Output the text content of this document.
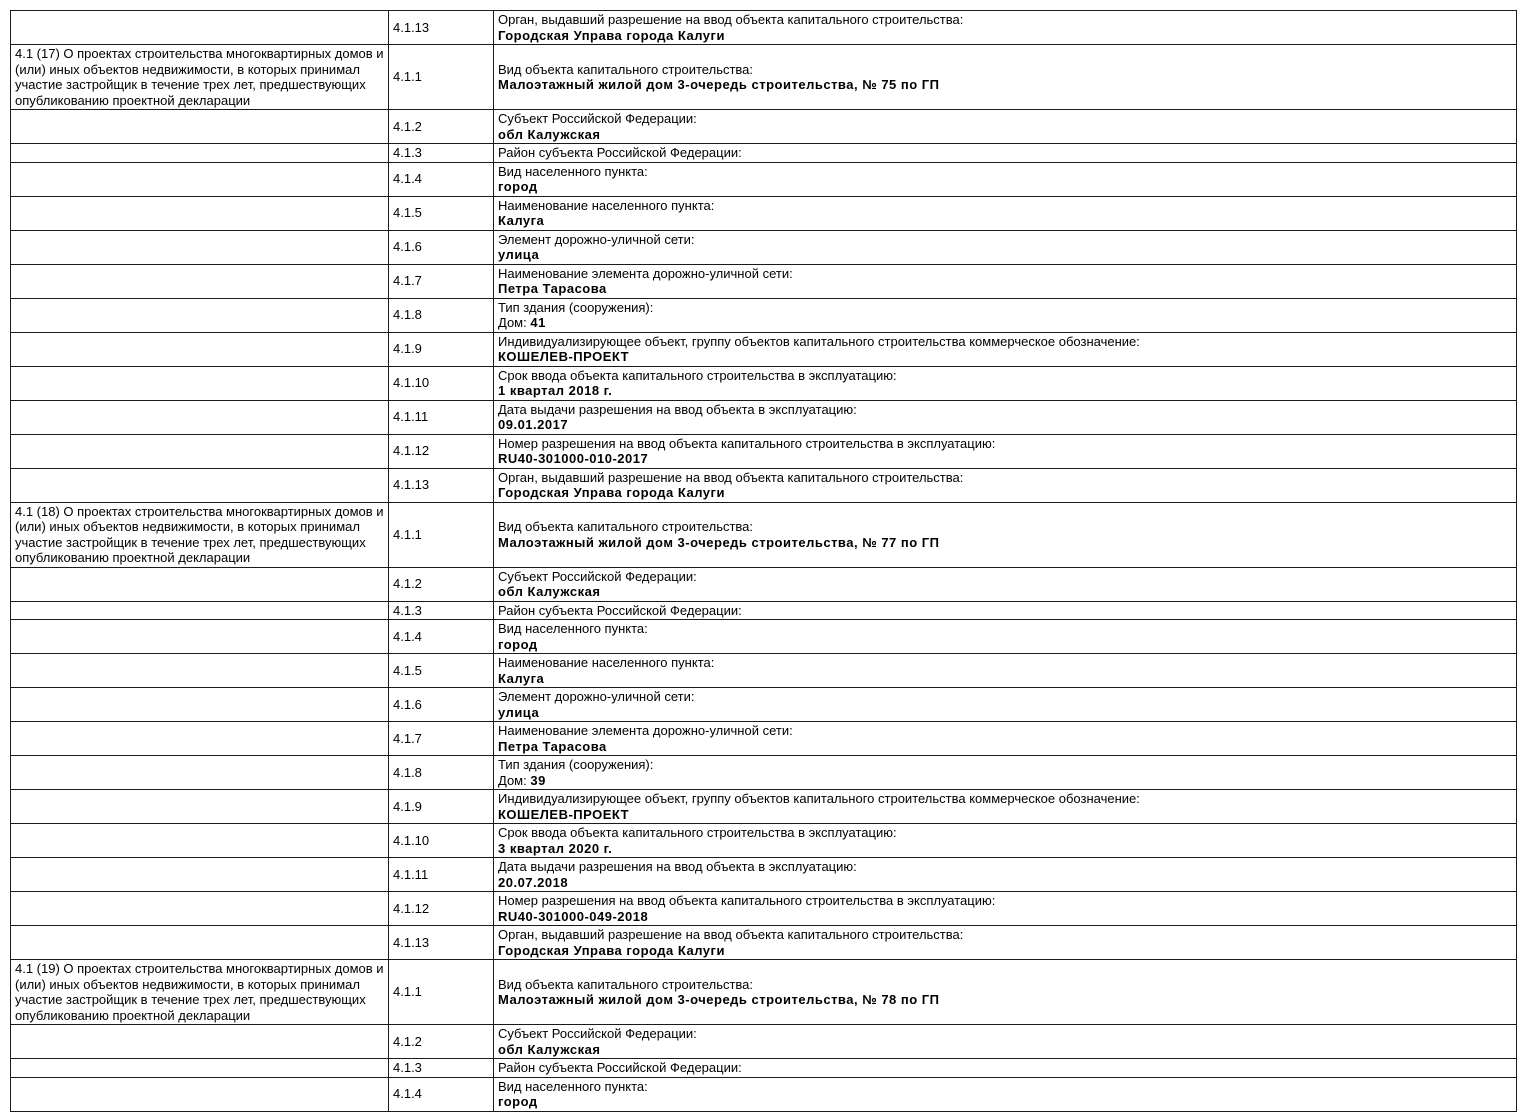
	4.1.13	Орган, выдавший разрешение на ввод объекта капитального строительства:
Городская Управа города Калуги

4.1 (17) О проектах строительства многоквартирных домов и (или) иных объектов недвижимости, в которых принимал участие застройщик в течение трех лет, предшествующих опубликованию проектной декларации	4.1.1	Вид объекта капитального строительства:
Малоэтажный жилой дом 3-очередь строительства, № 75 по ГП

	4.1.2	Субъект Российской Федерации:
обл Калужская

	4.1.3	Район субъекта Российской Федерации:

	4.1.4	Вид населенного пункта:
город

	4.1.5	Наименование населенного пункта:
Калуга

	4.1.6	Элемент дорожно-уличной сети:
улица

	4.1.7	Наименование элемента дорожно-уличной сети:
Петра Тарасова

	4.1.8	Тип здания (сооружения):
Дом: 41

	4.1.9	Индивидуализирующее объект, группу объектов капитального строительства коммерческое обозначение:
КОШЕЛЕВ-ПРОЕКТ

	4.1.10	Срок ввода объекта капитального строительства в эксплуатацию:
1 квартал 2018 г.

	4.1.11	Дата выдачи разрешения на ввод объекта в эксплуатацию:
09.01.2017

	4.1.12	Номер разрешения на ввод объекта капитального строительства в эксплуатацию:
RU40-301000-010-2017

	4.1.13	Орган, выдавший разрешение на ввод объекта капитального строительства:
Городская Управа города Калуги

4.1 (18) О проектах строительства многоквартирных домов и (или) иных объектов недвижимости, в которых принимал участие застройщик в течение трех лет, предшествующих опубликованию проектной декларации	4.1.1	Вид объекта капитального строительства:
Малоэтажный жилой дом 3-очередь строительства, № 77 по ГП

	4.1.2	Субъект Российской Федерации:
обл Калужская

	4.1.3	Район субъекта Российской Федерации:

	4.1.4	Вид населенного пункта:
город

	4.1.5	Наименование населенного пункта:
Калуга

	4.1.6	Элемент дорожно-уличной сети:
улица

	4.1.7	Наименование элемента дорожно-уличной сети:
Петра Тарасова

	4.1.8	Тип здания (сооружения):
Дом: 39

	4.1.9	Индивидуализирующее объект, группу объектов капитального строительства коммерческое обозначение:
КОШЕЛЕВ-ПРОЕКТ

	4.1.10	Срок ввода объекта капитального строительства в эксплуатацию:
3 квартал 2020 г.

	4.1.11	Дата выдачи разрешения на ввод объекта в эксплуатацию:
20.07.2018

	4.1.12	Номер разрешения на ввод объекта капитального строительства в эксплуатацию:
RU40-301000-049-2018

	4.1.13	Орган, выдавший разрешение на ввод объекта капитального строительства:
Городская Управа города Калуги

4.1 (19) О проектах строительства многоквартирных домов и (или) иных объектов недвижимости, в которых принимал участие застройщик в течение трех лет, предшествующих опубликованию проектной декларации	4.1.1	Вид объекта капитального строительства:
Малоэтажный жилой дом 3-очередь строительства, № 78 по ГП

	4.1.2	Субъект Российской Федерации:
обл Калужская

	4.1.3	Район субъекта Российской Федерации:

	4.1.4	Вид населенного пункта:
город
